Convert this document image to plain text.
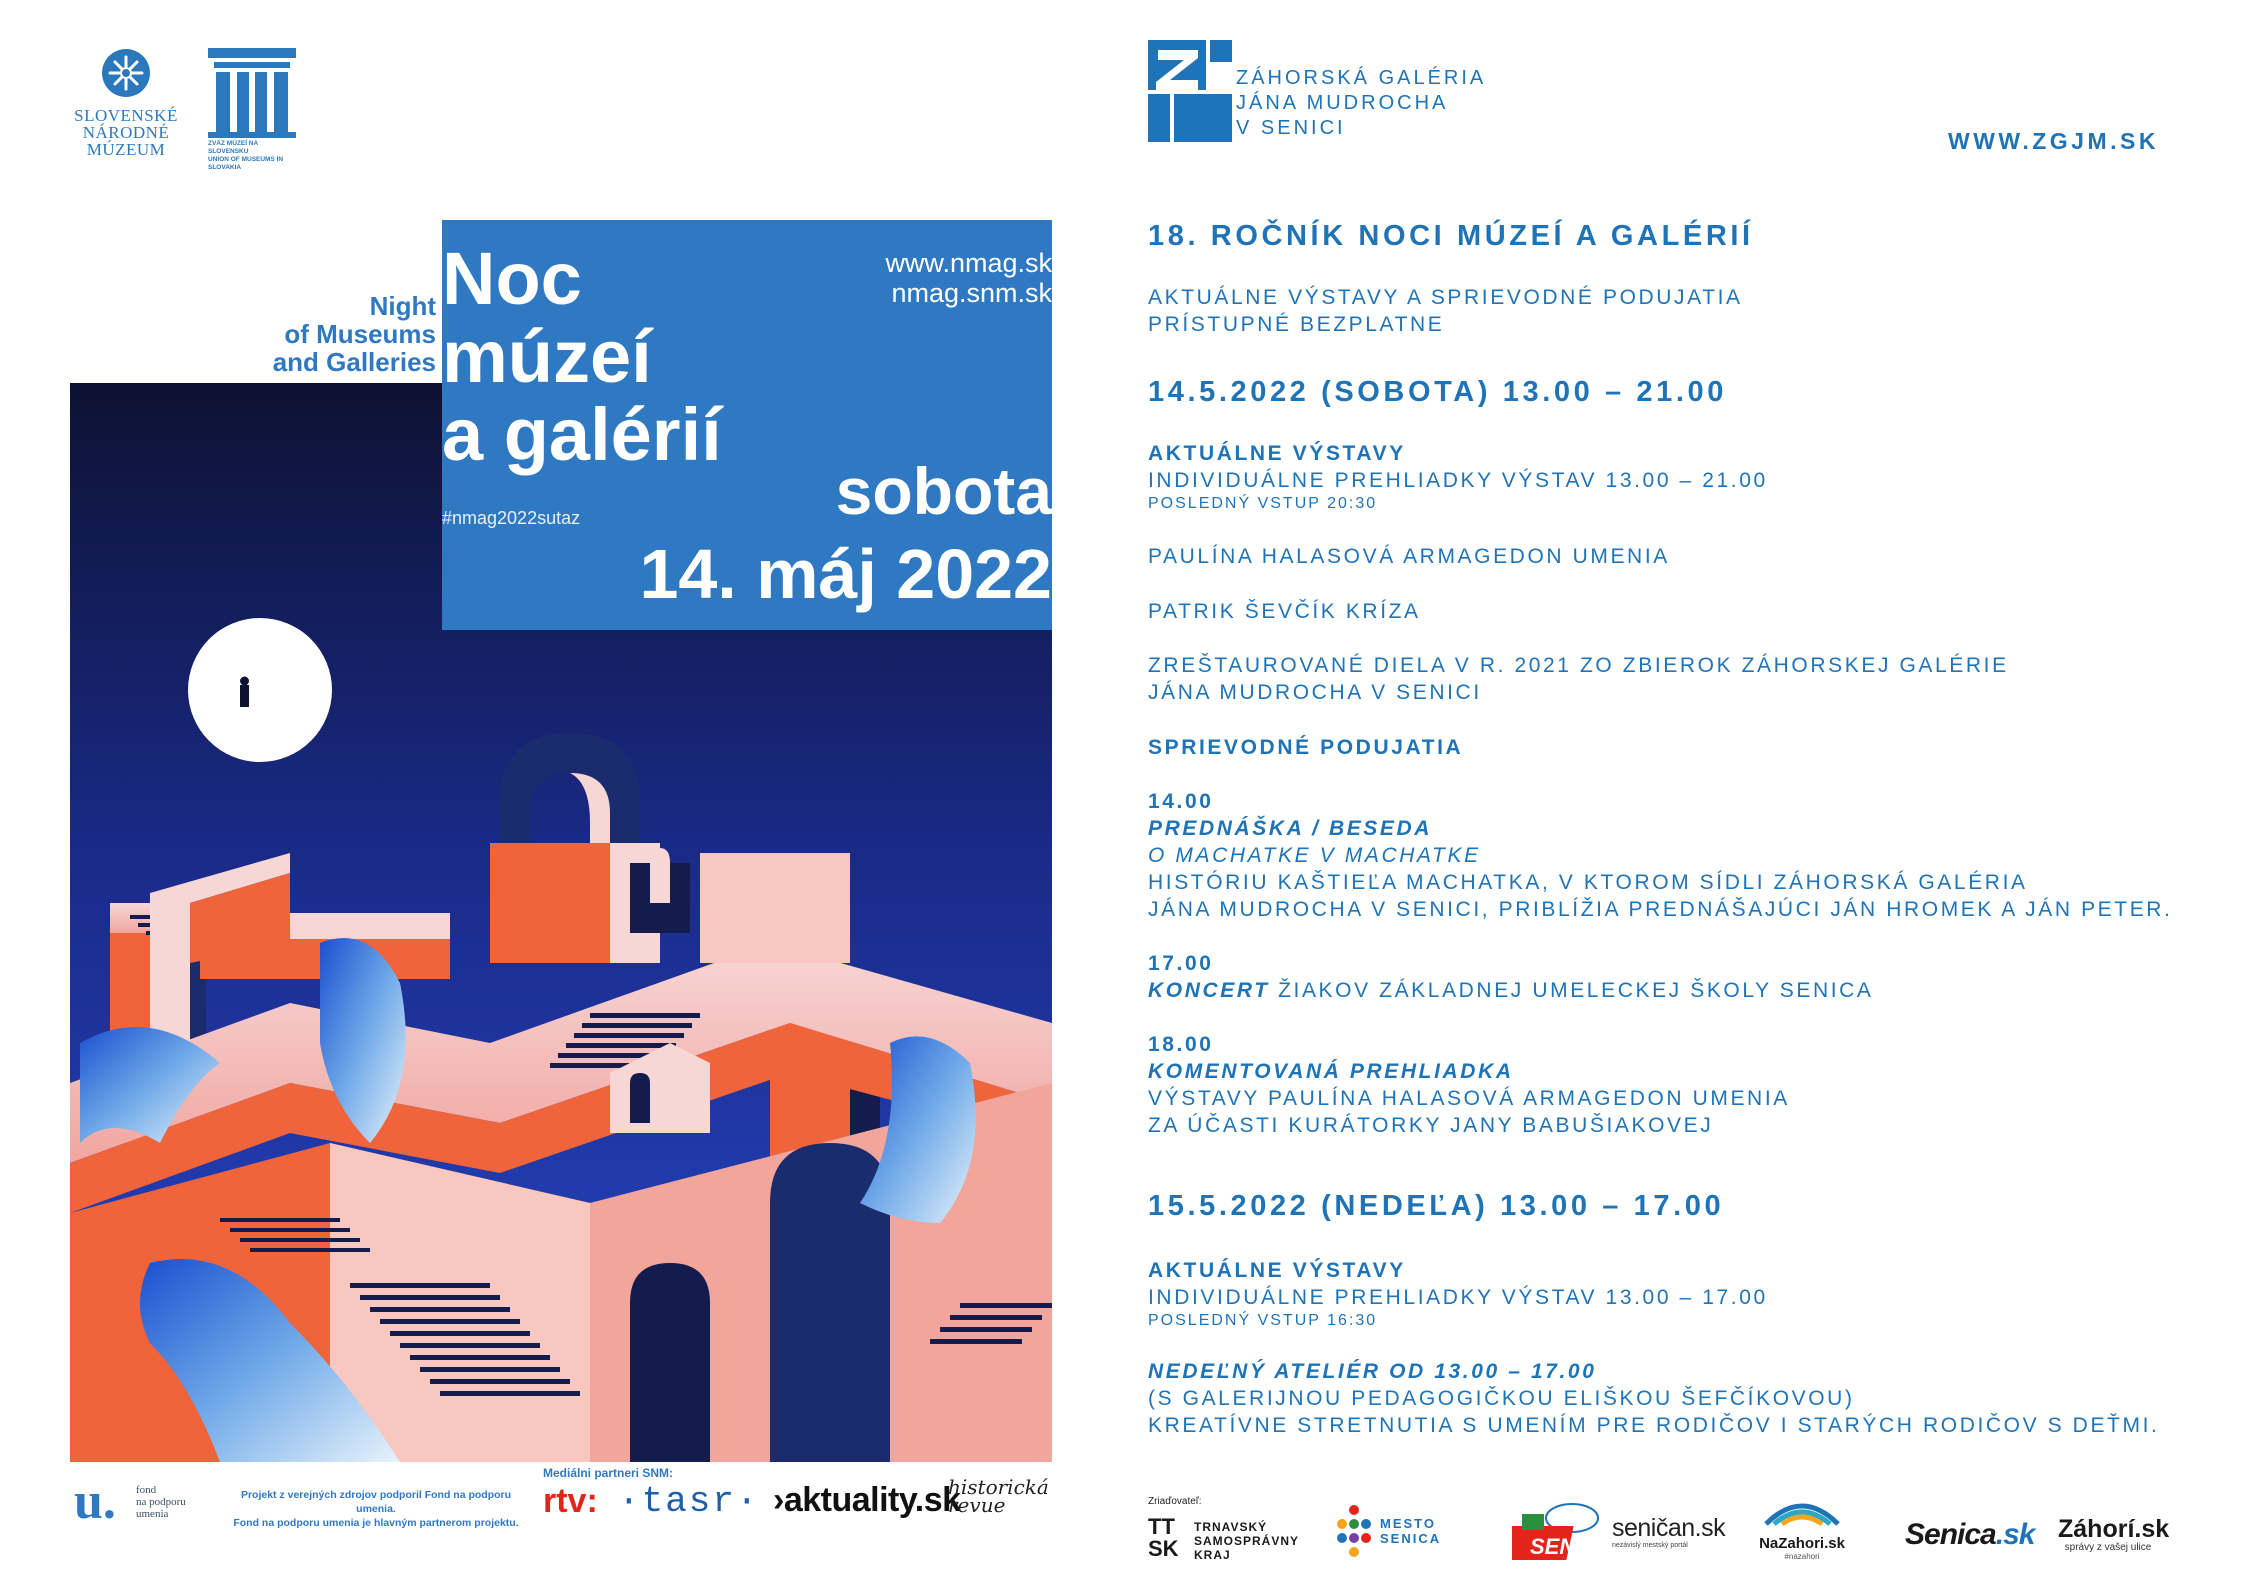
SLOVENSKÉ
NÁRODNÉ
MÚZEUM	ZVÄZ MÚZEÍ NA SLOVENSKU
UNION OF MUSEUMS IN SLOVAKIA
Night
of Museums
and Galleries
Noc
múzeí
a galérií
www.nmag.sk
nmag.snm.sk
#nmag2022sutaz	sobota
14. máj 2022
u. fond
na podporu
umenia
Projekt z verejných zdrojov podporil Fond na podporu umenia.
Fond na podporu umenia je hlavným partnerom projektu.
Mediálni partneri SNM:
rtv: ·tasr· ›aktuality.sk
historická
revue
ZÁHORSKÁ GALÉRIA
JÁNA MUDROCHA
V SENICI	WWW.ZGJM.SK
18. ROČNÍK NOCI MÚZEÍ A GALÉRIÍ
AKTUÁLNE VÝSTAVY A SPRIEVODNÉ PODUJATIA
PRÍSTUPNÉ BEZPLATNE
14.5.2022 (SOBOTA) 13.00 – 21.00
AKTUÁLNE VÝSTAVY
INDIVIDUÁLNE PREHLIADKY VÝSTAV 13.00 – 21.00
POSLEDNÝ VSTUP 20:30
PAULÍNA HALASOVÁ ARMAGEDON UMENIA
PATRIK ŠEVČÍK KRÍZA
ZREŠTAUROVANÉ DIELA V R. 2021 ZO ZBIEROK ZÁHORSKEJ GALÉRIE
JÁNA MUDROCHA V SENICI
SPRIEVODNÉ PODUJATIA
14.00
PREDNÁŠKA / BESEDA
O MACHATKE V MACHATKE
HISTÓRIU KAŠTIEĽA MACHATKA, V KTOROM SÍDLI ZÁHORSKÁ GALÉRIA
JÁNA MUDROCHA V SENICI, PRIBLÍŽIA PREDNÁŠAJÚCI JÁN HROMEK A JÁN PETER.
17.00
KONCERT ŽIAKOV ZÁKLADNEJ UMELECKEJ ŠKOLY SENICA
18.00
KOMENTOVANÁ PREHLIADKA
VÝSTAVY PAULÍNA HALASOVÁ ARMAGEDON UMENIA
ZA ÚČASTI KURÁTORKY JANY BABUŠIAKOVEJ
15.5.2022 (NEDEĽA) 13.00 – 17.00
AKTUÁLNE VÝSTAVY
INDIVIDUÁLNE PREHLIADKY VÝSTAV 13.00 – 17.00
POSLEDNÝ VSTUP 16:30
NEDEĽNÝ ATELIÉR OD 13.00 – 17.00
(S GALERIJNOU PEDAGOGIČKOU ELIŠKOU ŠEFČÍKOVOU)
KREATÍVNE STRETNUTIA S UMENÍM PRE RODIČOV I STARÝCH RODIČOV S DEŤMI.
Zriaďovateľ:
TT
SK
TRNAVSKÝ
SAMOSPRÁVNY
KRAJ
MESTO
SENICA	SEN
seničan.sk
nezávislý mestský portál	NaZahori.sk
#nazahori
Senica.sk Záhorí.sk
správy z vašej ulice
